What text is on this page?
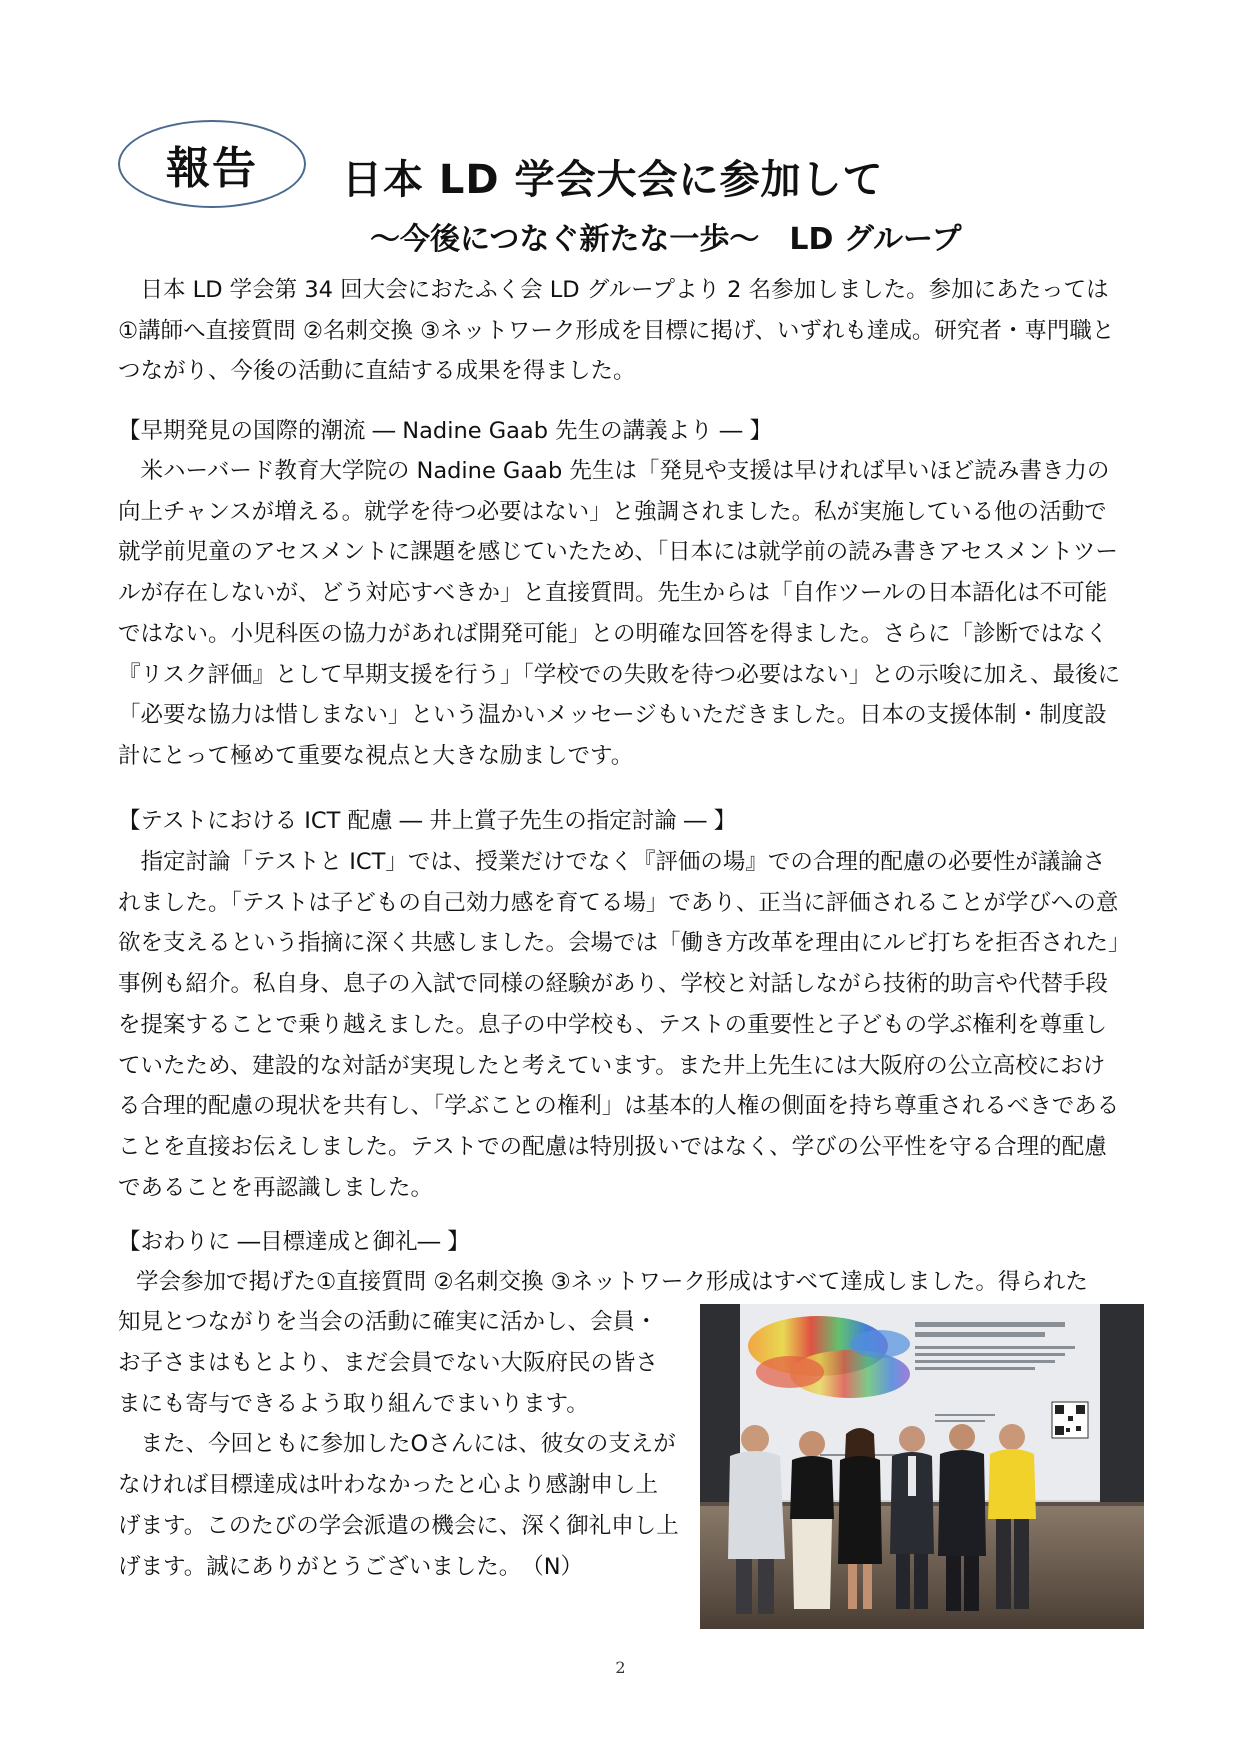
報告 日本 LD 学会大会に参加して
～今後につなぐ新たな一歩～　LD グループ

日本 LD 学会第 34 回大会におたふく会 LD グループより 2 名参加しました。参加にあたっては①講師へ直接質問 ②名刺交換 ③ネットワーク形成を目標に掲げ、いずれも達成。研究者・専門職とつながり、今後の活動に直結する成果を得ました。

【早期発見の国際的潮流 ― Nadine Gaab 先生の講義より ― 】

米ハーバード教育大学院の Nadine Gaab 先生は「発見や支援は早ければ早いほど読み書き力の向上チャンスが増える。就学を待つ必要はない」と強調されました。私が実施している他の活動で就学前児童のアセスメントに課題を感じていたため、「日本には就学前の読み書きアセスメントツールが存在しないが、どう対応すべきか」と直接質問。先生からは「自作ツールの日本語化は不可能ではない。小児科医の協力があれば開発可能」との明確な回答を得ました。さらに「診断ではなく『リスク評価』として早期支援を行う」「学校での失敗を待つ必要はない」との示唆に加え、最後に「必要な協力は惜しまない」という温かいメッセージもいただきました。日本の支援体制・制度設計にとって極めて重要な視点と大きな励ましです。

【テストにおける ICT 配慮 ― 井上賞子先生の指定討論 ― 】

指定討論「テストと ICT」では、授業だけでなく『評価の場』での合理的配慮の必要性が議論されました。「テストは子どもの自己効力感を育てる場」であり、正当に評価されることが学びへの意欲を支えるという指摘に深く共感しました。会場では「働き方改革を理由にルビ打ちを拒否された」事例も紹介。私自身、息子の入試で同様の経験があり、学校と対話しながら技術的助言や代替手段を提案することで乗り越えました。息子の中学校も、テストの重要性と子どもの学ぶ権利を尊重していたため、建設的な対話が実現したと考えています。また井上先生には大阪府の公立高校における合理的配慮の現状を共有し、「学ぶことの権利」は基本的人権の側面を持ち尊重されるべきであることを直接お伝えしました。テストでの配慮は特別扱いではなく、学びの公平性を守る合理的配慮であることを再認識しました。

【おわりに ―目標達成と御礼― 】
学会参加で掲げた①直接質問 ②名刺交換 ③ネットワーク形成はすべて達成しました。得られた

知見とつながりを当会の活動に確実に活かし、会員・お子さまはもとより、まだ会員でない大阪府民の皆さまにも寄与できるよう取り組んでまいります。

また、今回ともに参加したOさんには、彼女の支えがなければ目標達成は叶わなかったと心より感謝申し上げます。このたびの学会派遣の機会に、深く御礼申し上げます。誠にありがとうございました。　（N）

2
